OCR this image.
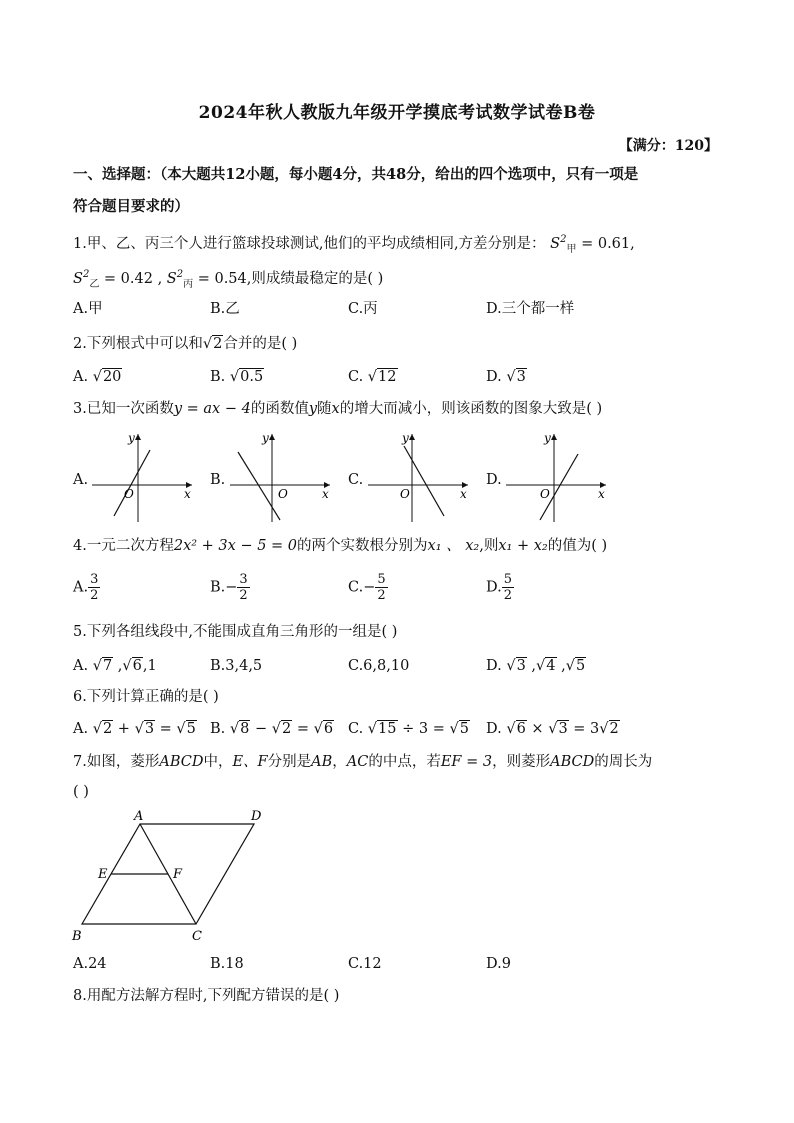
2024年秋人教版九年级开学摸底考试数学试卷B卷
【满分：120】
一、选择题：（本大题共12小题，每小题4分，共48分，给出的四个选项中，只有一项是
符合题目要求的）
1.甲、乙、丙三个人进行篮球投球测试,他们的平均成绩相同,方差分别是： $S^2_甲 = 0.61$,
$S^2_乙 = 0.42$ , $S^2_丙 = 0.54$,则成绩最稳定的是( )
A.甲	B.乙	C.丙	D.三个都一样
2.下列根式中可以和√2合并的是( )
A. √20	B. √0.5	C. √12	D. √3
3.已知一次函数y = ax − 4的函数值y随x的增大而减小，则该函数的图象大致是( )
A.	B.	C.	D.
y
x
O
y
x
O
y
x
O
y
x
O
4.一元二次方程2x² + 3x − 5 = 0的两个实数根分别为x₁ 、 x₂,则x₁ + x₂的值为( )
A. $\frac{3}{2}$	$B.- \frac{3}{2}$	$C.- \frac{5}{2}$	D. $\frac{5}{2}$
5.下列各组线段中,不能围成直角三角形的一组是( )
A. √7 ,√6,1	B.3,4,5	C.6,8,10	D. √3 ,√4 ,√5
6.下列计算正确的是( )
A. √2 + √3 = √5 B. √8 − √2 = √6 C. √15 ÷ 3 = √5 D. √6 × √3 = 3√2
7.如图，菱形ABCD中，E、F分别是AB，AC的中点，若EF = 3，则菱形ABCD的周长为
( )
A	D
B	C
E	F
A.24	B.18	C.12	D.9
8.用配方法解方程时,下列配方错误的是( )
